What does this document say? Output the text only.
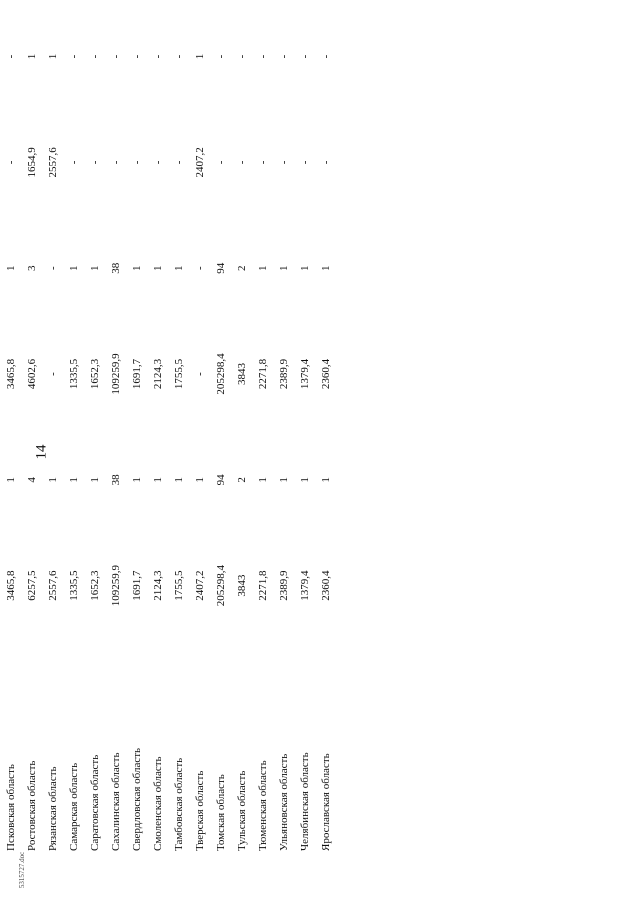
14
5315727.doc

Псковская область	3465,8	1	3465,8	1	-	-
Ростовская область	6257,5	4	4602,6	3	1654,9	1
Рязанская область	2557,6	1	-	-	2557,6	1
Самарская область	1335,5	1	1335,5	1	-	-
Саратовская область	1652,3	1	1652,3	1	-	-
Сахалинская область	109259,9	38	109259,9	38	-	-
Свердловская область	1691,7	1	1691,7	1	-	-
Смоленская область	2124,3	1	2124,3	1	-	-
Тамбовская область	1755,5	1	1755,5	1	-	-
Тверская область	2407,2	1	-	-	2407,2	1
Томская область	205298,4	94	205298,4	94	-	-
Тульская область	3843	2	3843	2	-	-
Тюменская область	2271,8	1	2271,8	1	-	-
Ульяновская область	2389,9	1	2389,9	1	-	-
Челябинская область	1379,4	1	1379,4	1	-	-
Ярославская область	2360,4	1	2360,4	1	-	-
